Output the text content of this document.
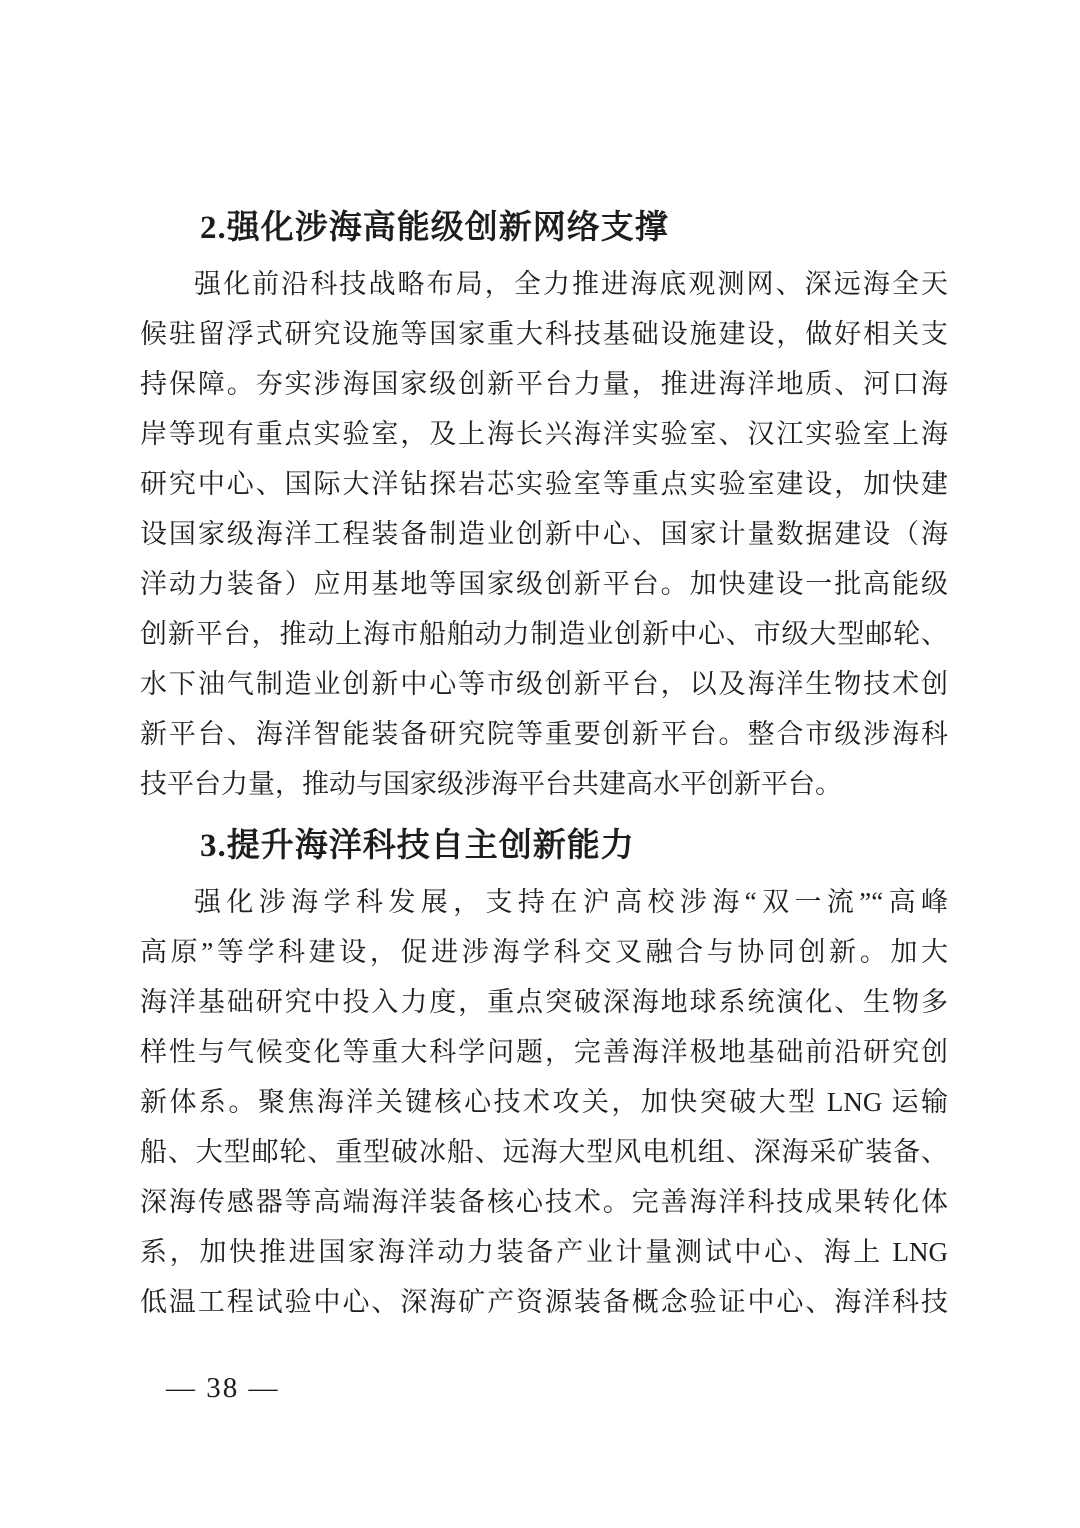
2.强化涉海高能级创新网络支撑
强化前沿科技战略布局，全力推进海底观测网、深远海全天
候驻留浮式研究设施等国家重大科技基础设施建设，做好相关支
持保障。夯实涉海国家级创新平台力量，推进海洋地质、河口海
岸等现有重点实验室，及上海长兴海洋实验室、汉江实验室上海
研究中心、国际大洋钻探岩芯实验室等重点实验室建设，加快建
设国家级海洋工程装备制造业创新中心、国家计量数据建设（海
洋动力装备）应用基地等国家级创新平台。加快建设一批高能级
创新平台，推动上海市船舶动力制造业创新中心、市级大型邮轮、
水下油气制造业创新中心等市级创新平台，以及海洋生物技术创
新平台、海洋智能装备研究院等重要创新平台。整合市级涉海科
技平台力量，推动与国家级涉海平台共建高水平创新平台。
3.提升海洋科技自主创新能力
强化涉海学科发展，支持在沪高校涉海“双一流”“高峰
高原”等学科建设，促进涉海学科交叉融合与协同创新。加大
海洋基础研究中投入力度，重点突破深海地球系统演化、生物多
样性与气候变化等重大科学问题，完善海洋极地基础前沿研究创
新体系。聚焦海洋关键核心技术攻关，加快突破大型 LNG 运输
船、大型邮轮、重型破冰船、远海大型风电机组、深海采矿装备、
深海传感器等高端海洋装备核心技术。完善海洋科技成果转化体
系，加快推进国家海洋动力装备产业计量测试中心、海上 LNG
低温工程试验中心、深海矿产资源装备概念验证中心、海洋科技
— 38 —
